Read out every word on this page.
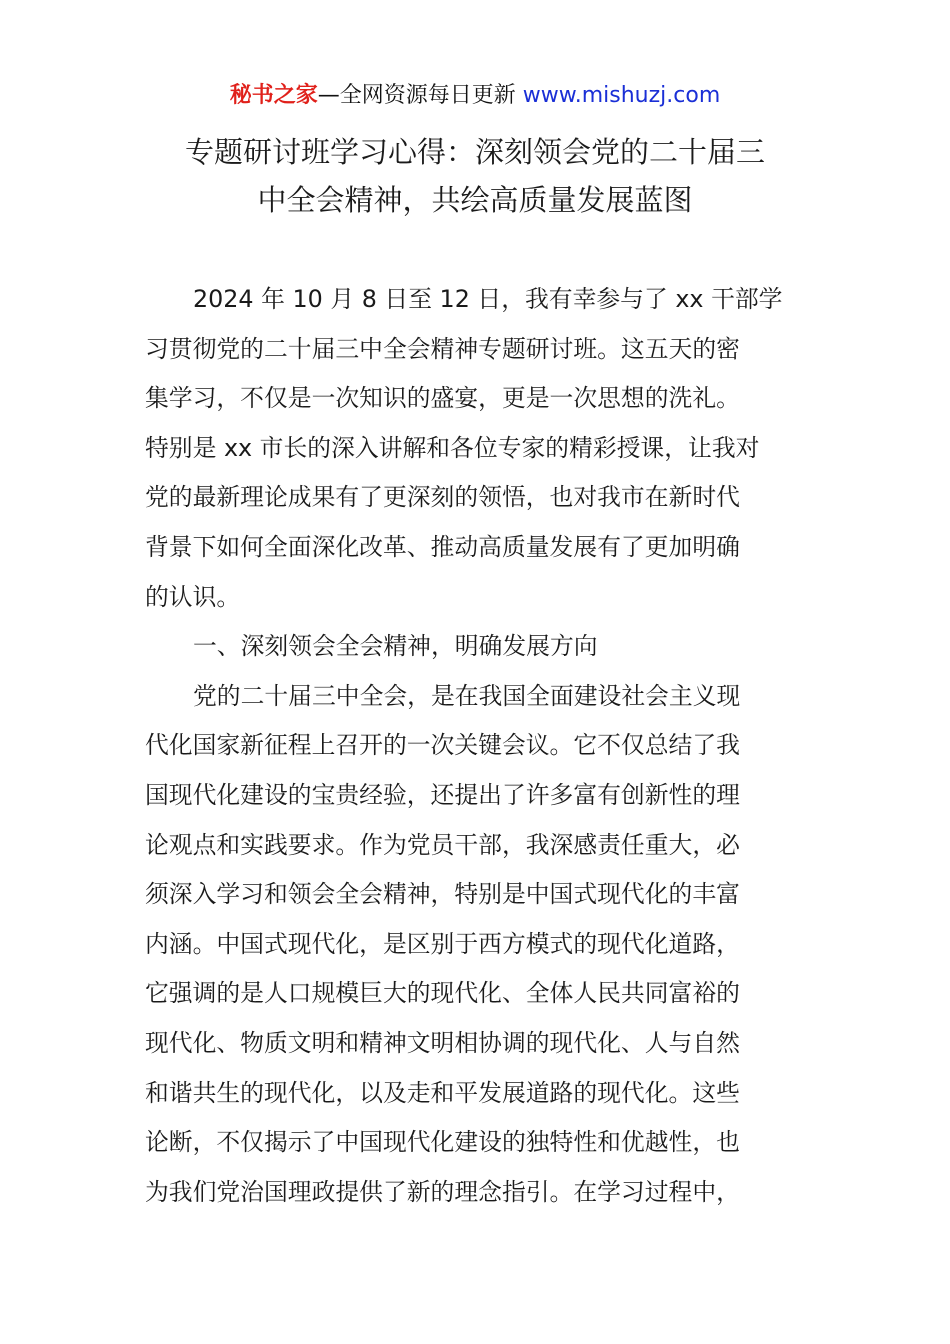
秘书之家—全网资源每日更新 www.mishuzj.com
专题研讨班学习心得：深刻领会党的二十届三
中全会精神，共绘高质量发展蓝图
2024 年 10 月 8 日至 12 日，我有幸参与了 xx 干部学
习贯彻党的二十届三中全会精神专题研讨班。这五天的密
集学习，不仅是一次知识的盛宴，更是一次思想的洗礼。
特别是 xx 市长的深入讲解和各位专家的精彩授课，让我对
党的最新理论成果有了更深刻的领悟，也对我市在新时代
背景下如何全面深化改革、推动高质量发展有了更加明确
的认识。
一、深刻领会全会精神，明确发展方向
党的二十届三中全会，是在我国全面建设社会主义现
代化国家新征程上召开的一次关键会议。它不仅总结了我
国现代化建设的宝贵经验，还提出了许多富有创新性的理
论观点和实践要求。作为党员干部，我深感责任重大，必
须深入学习和领会全会精神，特别是中国式现代化的丰富
内涵。中国式现代化，是区别于西方模式的现代化道路，
它强调的是人口规模巨大的现代化、全体人民共同富裕的
现代化、物质文明和精神文明相协调的现代化、人与自然
和谐共生的现代化，以及走和平发展道路的现代化。这些
论断，不仅揭示了中国现代化建设的独特性和优越性，也
为我们党治国理政提供了新的理念指引。在学习过程中，
